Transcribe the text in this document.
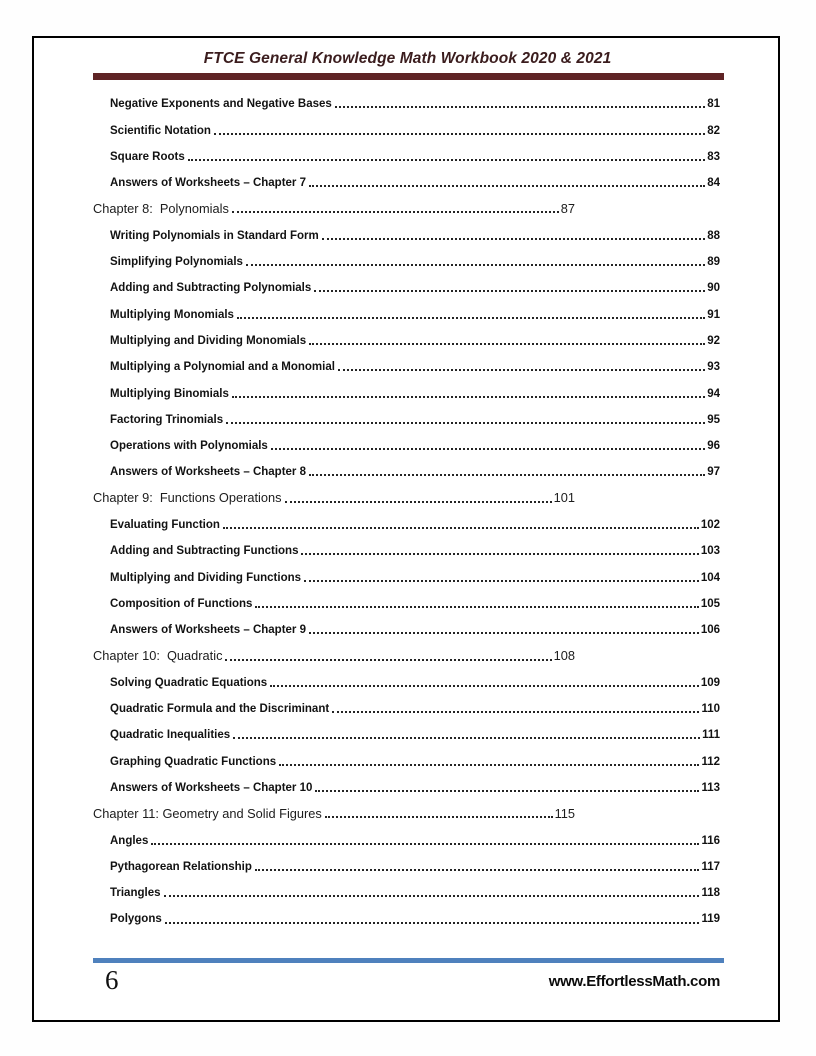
FTCE General Knowledge Math Workbook 2020 & 2021
Negative Exponents and Negative Bases	81
Scientific Notation	82
Square Roots	83
Answers of Worksheets – Chapter 7	84
Chapter 8:  Polynomials	87
Writing Polynomials in Standard Form	88
Simplifying Polynomials	89
Adding and Subtracting Polynomials	90
Multiplying Monomials	91
Multiplying and Dividing Monomials	92
Multiplying a Polynomial and a Monomial	93
Multiplying Binomials	94
Factoring Trinomials	95
Operations with Polynomials	96
Answers of Worksheets – Chapter 8	97
Chapter 9:  Functions Operations	101
Evaluating Function	102
Adding and Subtracting Functions	103
Multiplying and Dividing Functions	104
Composition of Functions	105
Answers of Worksheets – Chapter 9	106
Chapter 10:  Quadratic	108
Solving Quadratic Equations	109
Quadratic Formula and the Discriminant	110
Quadratic Inequalities	111
Graphing Quadratic Functions	112
Answers of Worksheets – Chapter 10	113
Chapter 11: Geometry and Solid Figures	115
Angles	116
Pythagorean Relationship	117
Triangles	118
Polygons	119
6	www.EffortlessMath.com
